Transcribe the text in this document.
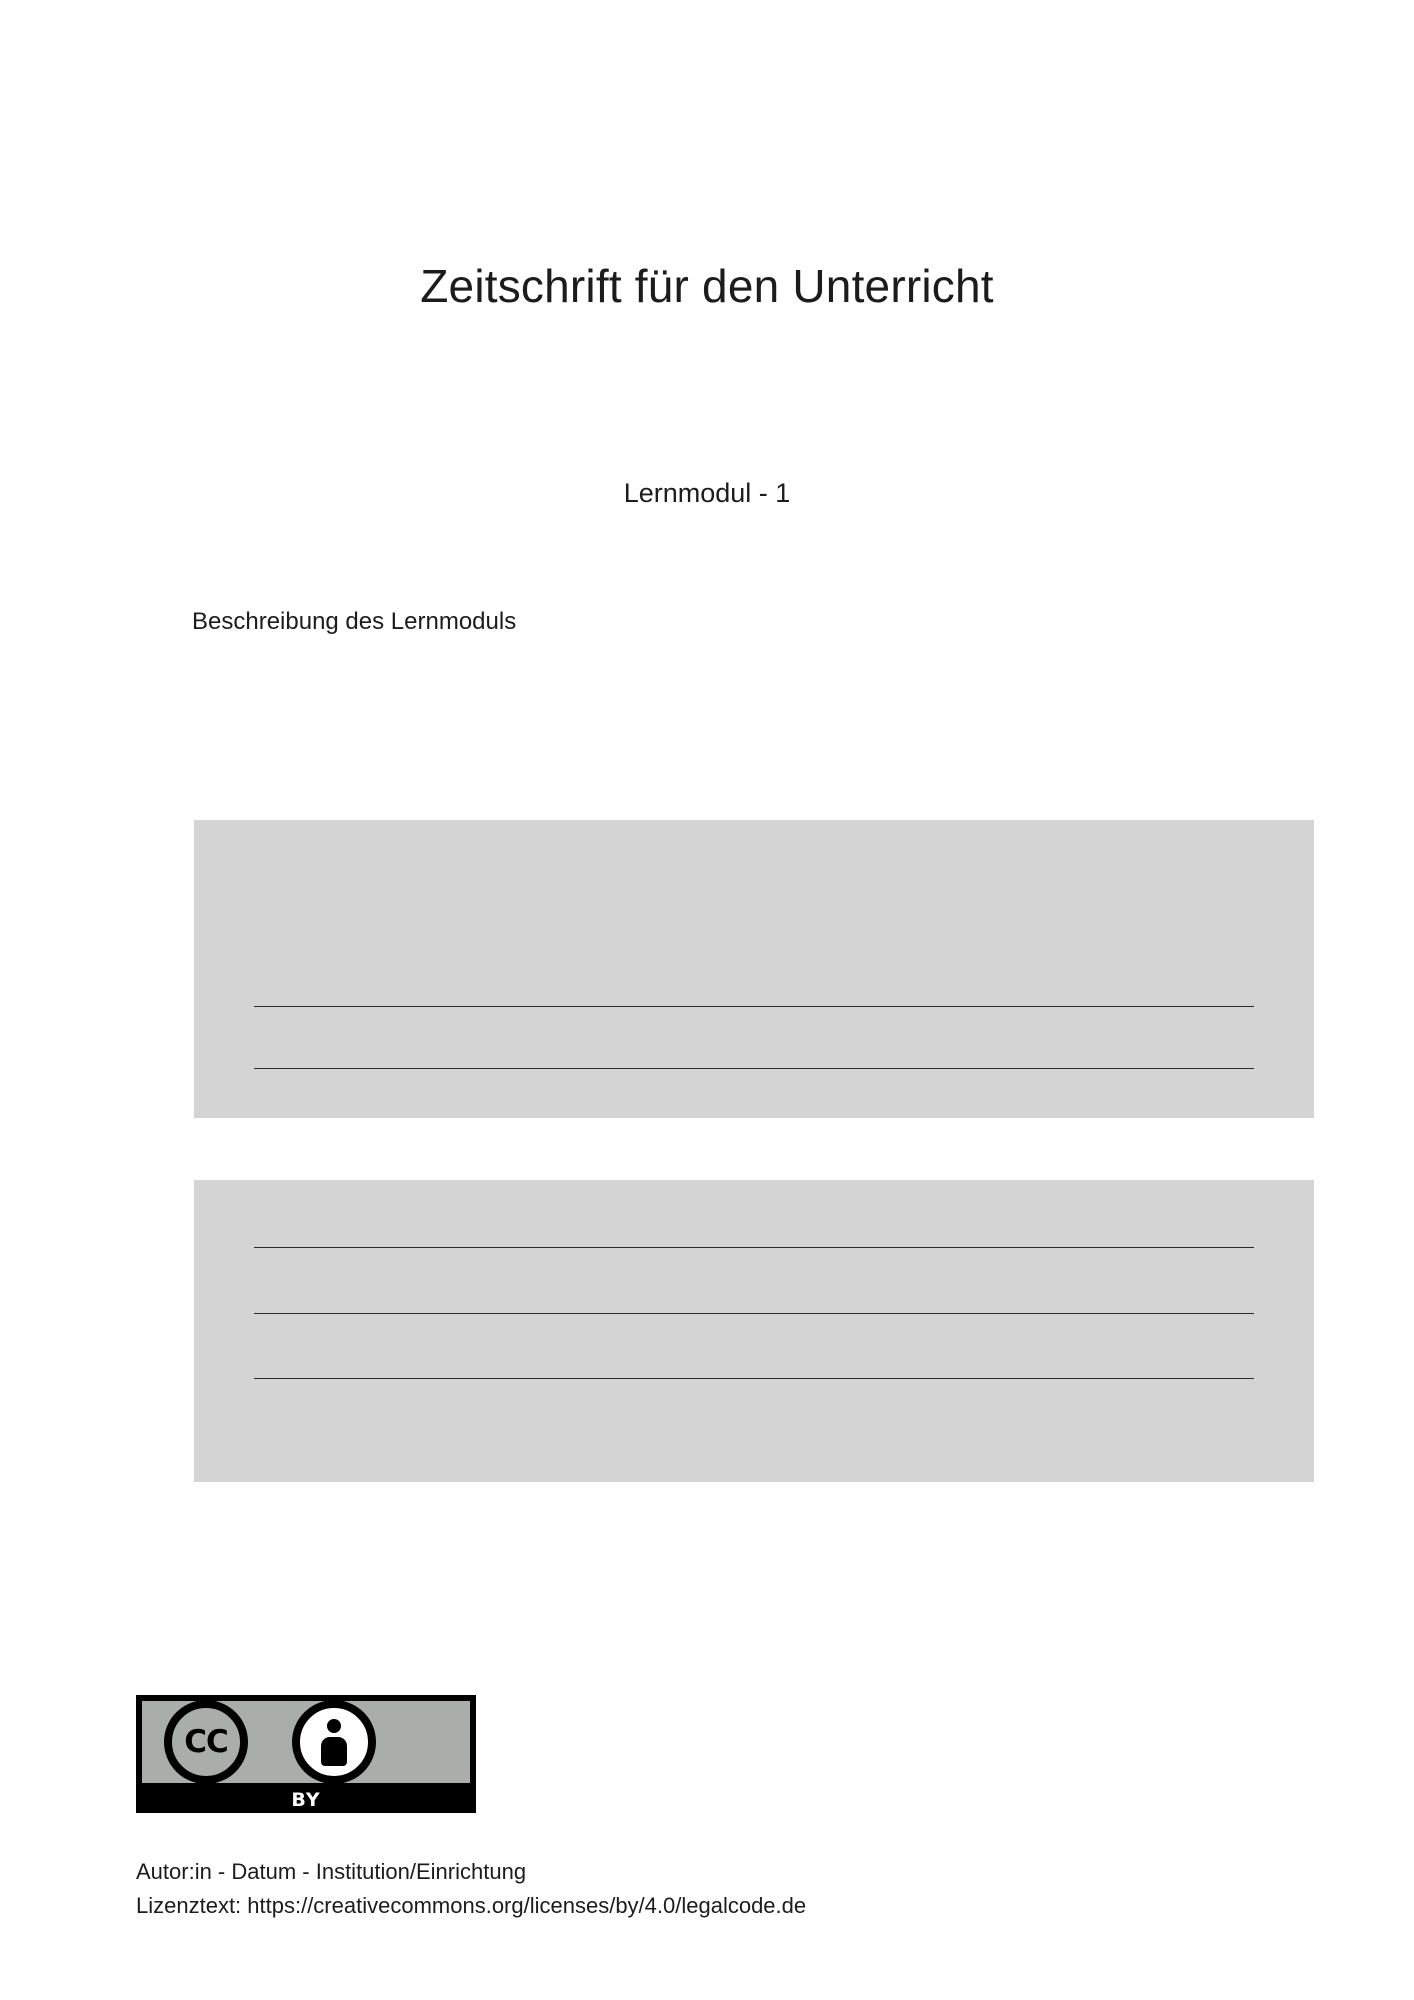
Zeitschrift für den Unterricht
Lernmodul - 1
Beschreibung des Lernmoduls
CC
BY
Autor:in - Datum - Institution/Einrichtung
Lizenztext: https://creativecommons.org/licenses/by/4.0/legalcode.de
